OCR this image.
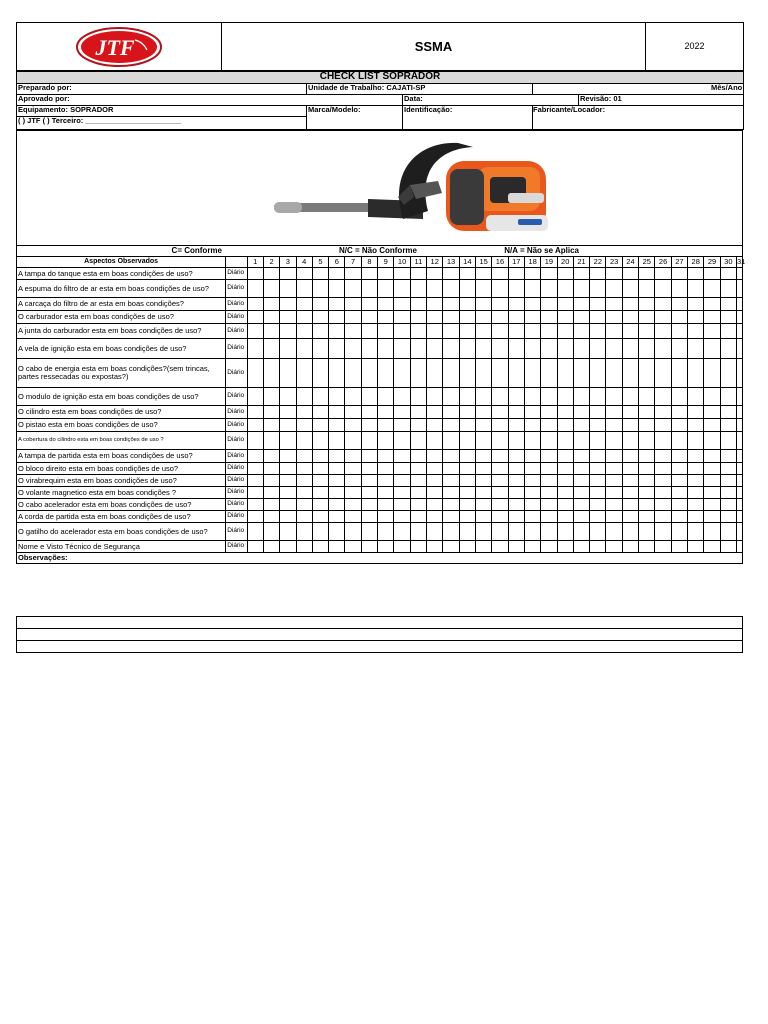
JTF	SSMA	2022
CHECK LIST SOPRADOR				
Preparado por:	Unidade de Trabalho: CAJATI-SP		Mês/Ano:	
Aprovado por:		Data:		Revisão: 01
Equipamento: SOPRADOR	Marca/Modelo:	Identificação:	Fabricante/Locador:	
( ) JTF ( ) Terceiro: _______________________				
C= Conforme N/C = Não Conforme N/A = Não se Aplica																																

Aspectos Observados		1	2	3	4	5	6	7	8	9	10	11	12	13	14	15	16	17	18	19	20	21	22	23	24	25	26	27	28	29	30	31
A tampa do tanque esta em boas condições de uso?	Diário																															
A espuma do filtro de ar esta em boas condições de uso?	Diário																															
A carcaça do filtro de ar esta em boas condições?	Diário																															
O carburador esta em boas condições de uso?	Diário																															
A junta do carburador esta em boas condições de uso?	Diário																															
A vela de ignição esta em boas condições de uso?	Diário																															
O cabo de energia esta em boas condições?(sem trincas, partes ressecadas ou expostas?)	Diário																															
O modulo de ignição esta em boas condições de uso?	Diário																															
O cilindro esta em boas condições de uso?	Diário																															
O pistao esta em boas condições de uso?	Diário																															
A cobertura do cilindro esta em boas condições de uso ?	Diário																															
A tampa de partida esta em boas condições de uso?	Diário																															
O bloco direito esta em boas condições de uso?	Diário																															
O virabrequim esta em boas condições de uso?	Diário																															
O volante magnetico esta em boas condições ?	Diário																															
O cabo acelerador esta em boas condições de uso?	Diário																															
A corda de partida esta em boas condições de uso?	Diário																															
O gatilho do acelerador esta em boas condições de uso?	Diário																															
Nome e Visto Técnico de Segurança	Diário																															
Observações:																																
